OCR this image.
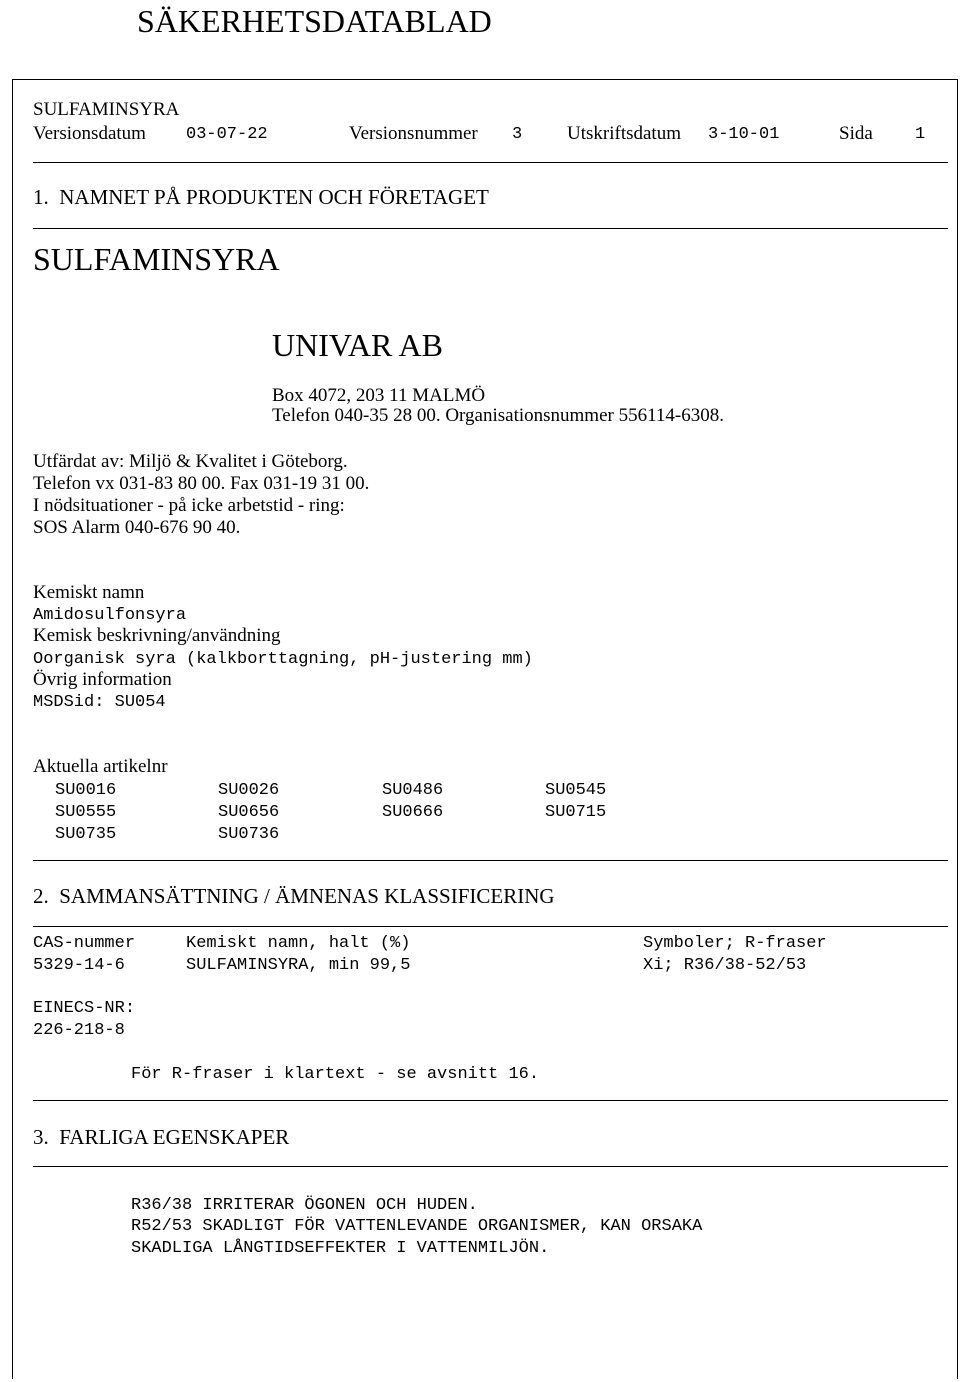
SÄKERHETSDATABLAD
SULFAMINSYRA
Versionsdatum 03-07-22	Versionsnummer 3 Utskriftsdatum 3-10-01	Sida 1
1.  NAMNET PÅ PRODUKTEN OCH FÖRETAGET
SULFAMINSYRA
UNIVAR AB
Box 4072, 203 11 MALMÖ
Telefon 040-35 28 00. Organisationsnummer 556114-6308.
Utfärdat av: Miljö & Kvalitet i Göteborg.
Telefon vx 031-83 80 00. Fax 031-19 31 00.
I nödsituationer - på icke arbetstid - ring:
SOS Alarm 040-676 90 40.
Kemiskt namn
Amidosulfonsyra
Kemisk beskrivning/användning
Oorganisk syra (kalkborttagning, pH-justering mm)
Övrig information
MSDSid: SU054
Aktuella artikelnr
SU0016	SU0026	SU0486	SU0545
SU0555	SU0656	SU0666	SU0715
SU0735	SU0736
2.  SAMMANSÄTTNING / ÄMNENAS KLASSIFICERING
CAS-nummer	Kemiskt namn, halt (%)	Symboler; R-fraser
5329-14-6	SULFAMINSYRA, min 99,5	Xi; R36/38-52/53
EINECS-NR:
226-218-8
För R-fraser i klartext - se avsnitt 16.
3.  FARLIGA EGENSKAPER
R36/38 IRRITERAR ÖGONEN OCH HUDEN.
R52/53 SKADLIGT FÖR VATTENLEVANDE ORGANISMER, KAN ORSAKA
SKADLIGA LÅNGTIDSEFFEKTER I VATTENMILJÖN.
